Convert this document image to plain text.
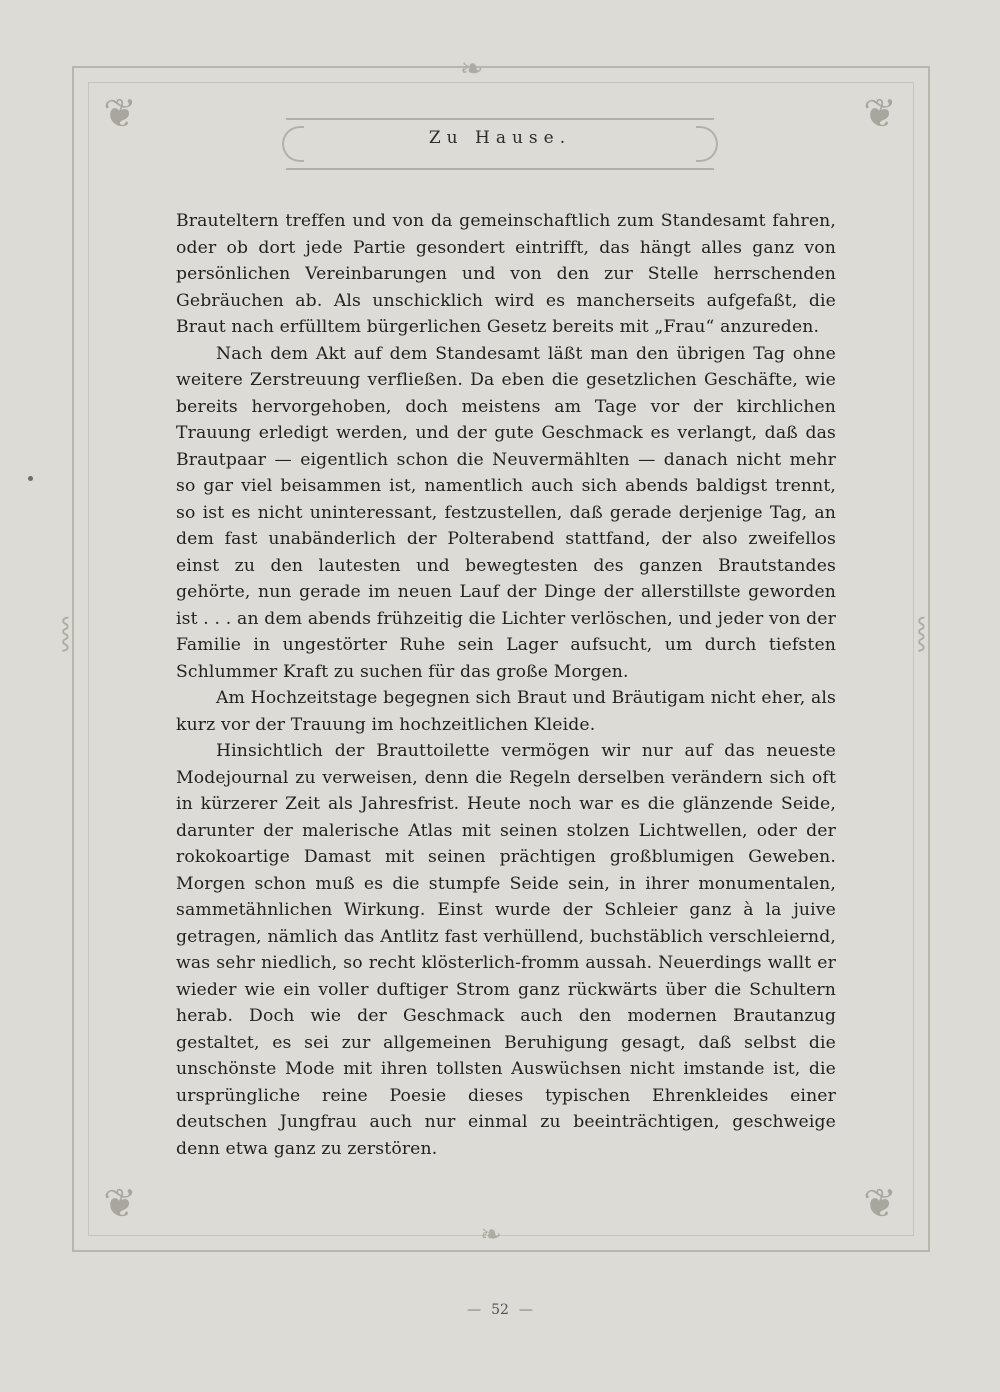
❦	❦
❦	❦
❧
❧
⸾	⸾
Zu Hause.

Brauteltern treffen und von da gemeinschaftlich zum Standesamt fahren, oder ob dort jede Partie gesondert eintrifft, das hängt alles ganz von persönlichen Vereinbarungen und von den zur Stelle herrschenden Gebräuchen ab. Als unschicklich wird es mancherseits aufgefaßt, die Braut nach erfülltem bürgerlichen Gesetz bereits mit „Frau“ anzureden.

Nach dem Akt auf dem Standesamt läßt man den übrigen Tag ohne weitere Zerstreuung verfließen. Da eben die gesetzlichen Geschäfte, wie bereits hervorgehoben, doch meistens am Tage vor der kirchlichen Trauung erledigt werden, und der gute Geschmack es verlangt, daß das Brautpaar — eigentlich schon die Neuvermählten — danach nicht mehr so gar viel beisammen ist, namentlich auch sich abends baldigst trennt, so ist es nicht uninteressant, festzustellen, daß gerade derjenige Tag, an dem fast unabänderlich der Polterabend stattfand, der also zweifellos einst zu den lautesten und bewegtesten des ganzen Brautstandes gehörte, nun gerade im neuen Lauf der Dinge der allerstillste geworden ist . . . an dem abends frühzeitig die Lichter verlöschen, und jeder von der Familie in ungestörter Ruhe sein Lager aufsucht, um durch tiefsten Schlummer Kraft zu suchen für das große Morgen.

Am Hochzeitstage begegnen sich Braut und Bräutigam nicht eher, als kurz vor der Trauung im hochzeitlichen Kleide.

Hinsichtlich der Brauttoilette vermögen wir nur auf das neueste Modejournal zu verweisen, denn die Regeln derselben verändern sich oft in kürzerer Zeit als Jahresfrist. Heute noch war es die glänzende Seide, darunter der malerische Atlas mit seinen stolzen Lichtwellen, oder der rokokoartige Damast mit seinen prächtigen großblumigen Geweben. Morgen schon muß es die stumpfe Seide sein, in ihrer monumentalen, sammetähnlichen Wirkung. Einst wurde der Schleier ganz à la juive getragen, nämlich das Antlitz fast verhüllend, buchstäblich verschleiernd, was sehr niedlich, so recht klösterlich-fromm aussah. Neuerdings wallt er wieder wie ein voller duftiger Strom ganz rückwärts über die Schultern herab. Doch wie der Geschmack auch den modernen Brautanzug gestaltet, es sei zur allgemeinen Beruhigung gesagt, daß selbst die unschönste Mode mit ihren tollsten Auswüchsen nicht imstande ist, die ursprüngliche reine Poesie dieses typischen Ehrenkleides einer deutschen Jungfrau auch nur einmal zu beeinträchtigen, geschweige denn etwa ganz zu zerstören.

— 52 —
